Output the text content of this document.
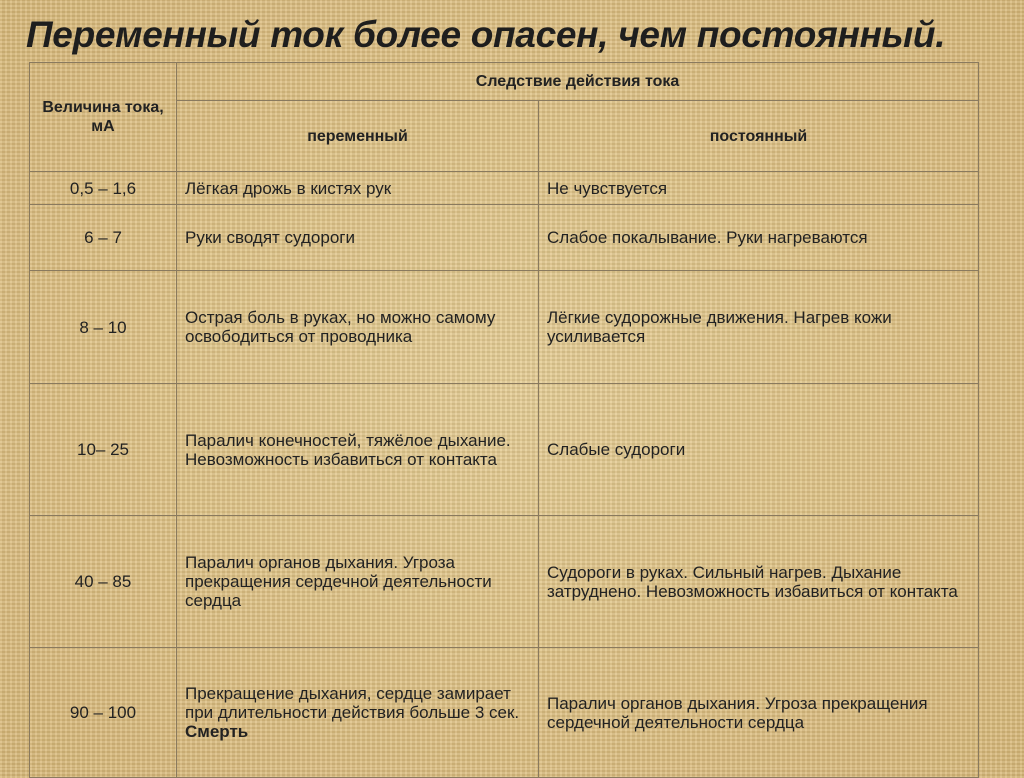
Переменный ток более опасен, чем постоянный.
Величина тока, мА	Следствие действия тока	
	переменный	постоянный
0,5 – 1,6	Лёгкая дрожь в кистях рук	Не чувствуется
6 – 7	Руки сводят судороги	Слабое покалывание. Руки нагреваются
8 – 10	Острая боль в руках, но можно самому освободиться от проводника	Лёгкие судорожные движения. Нагрев кожи усиливается
10– 25	Паралич конечностей, тяжёлое дыхание. Невозможность избавиться от контакта	Слабые судороги
40 – 85	Паралич органов дыхания. Угроза прекращения сердечной деятельности сердца	Судороги в руках. Сильный нагрев. Дыхание затруднено. Невозможность избавиться от контакта
90 – 100	Прекращение дыхания, сердце замирает при длительности действия больше 3 сек. Смерть	Паралич органов дыхания. Угроза прекращения сердечной деятельности сердца
